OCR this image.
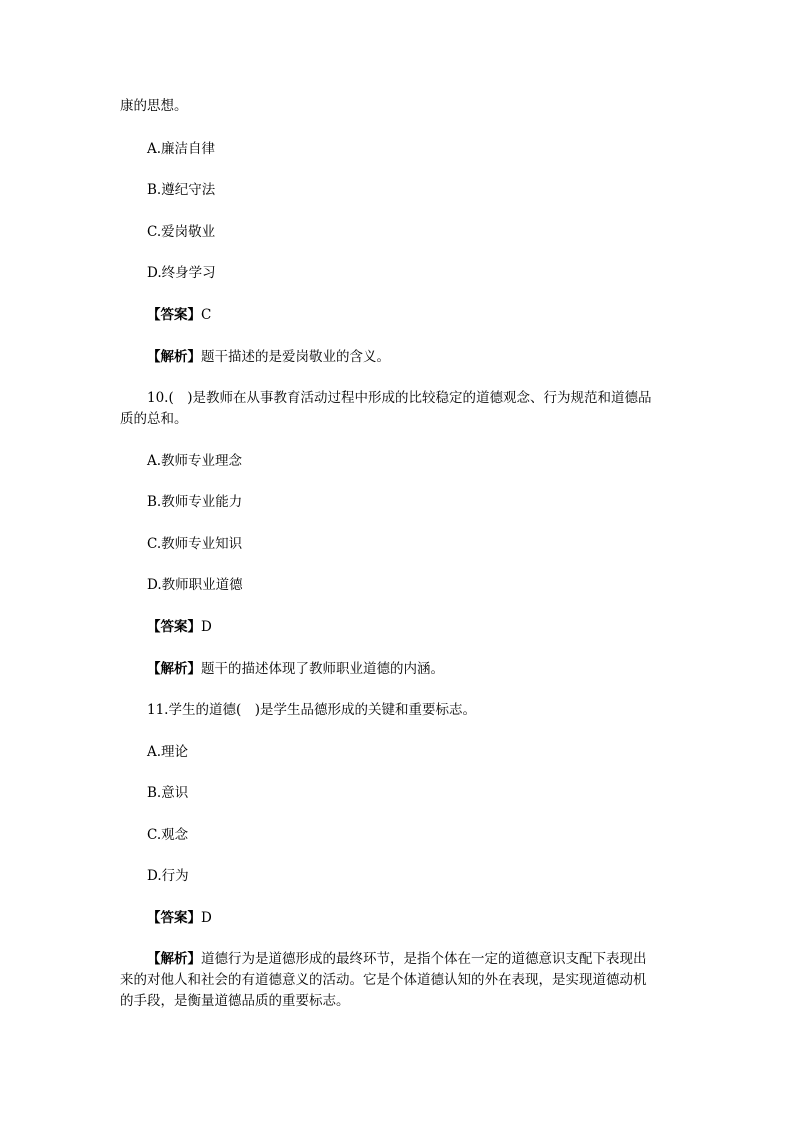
康的思想。
A.廉洁自律
B.遵纪守法
C.爱岗敬业
D.终身学习
【答案】C
【解析】题干描述的是爱岗敬业的含义。
10.(　)是教师在从事教育活动过程中形成的比较稳定的道德观念、行为规范和道德品
质的总和。
A.教师专业理念
B.教师专业能力
C.教师专业知识
D.教师职业道德
【答案】D
【解析】题干的描述体现了教师职业道德的内涵。
11.学生的道德(　)是学生品德形成的关键和重要标志。
A.理论
B.意识
C.观念
D.行为
【答案】D
【解析】道德行为是道德形成的最终环节，是指个体在一定的道德意识支配下表现出
来的对他人和社会的有道德意义的活动。它是个体道德认知的外在表现，是实现道德动机
的手段，是衡量道德品质的重要标志。
